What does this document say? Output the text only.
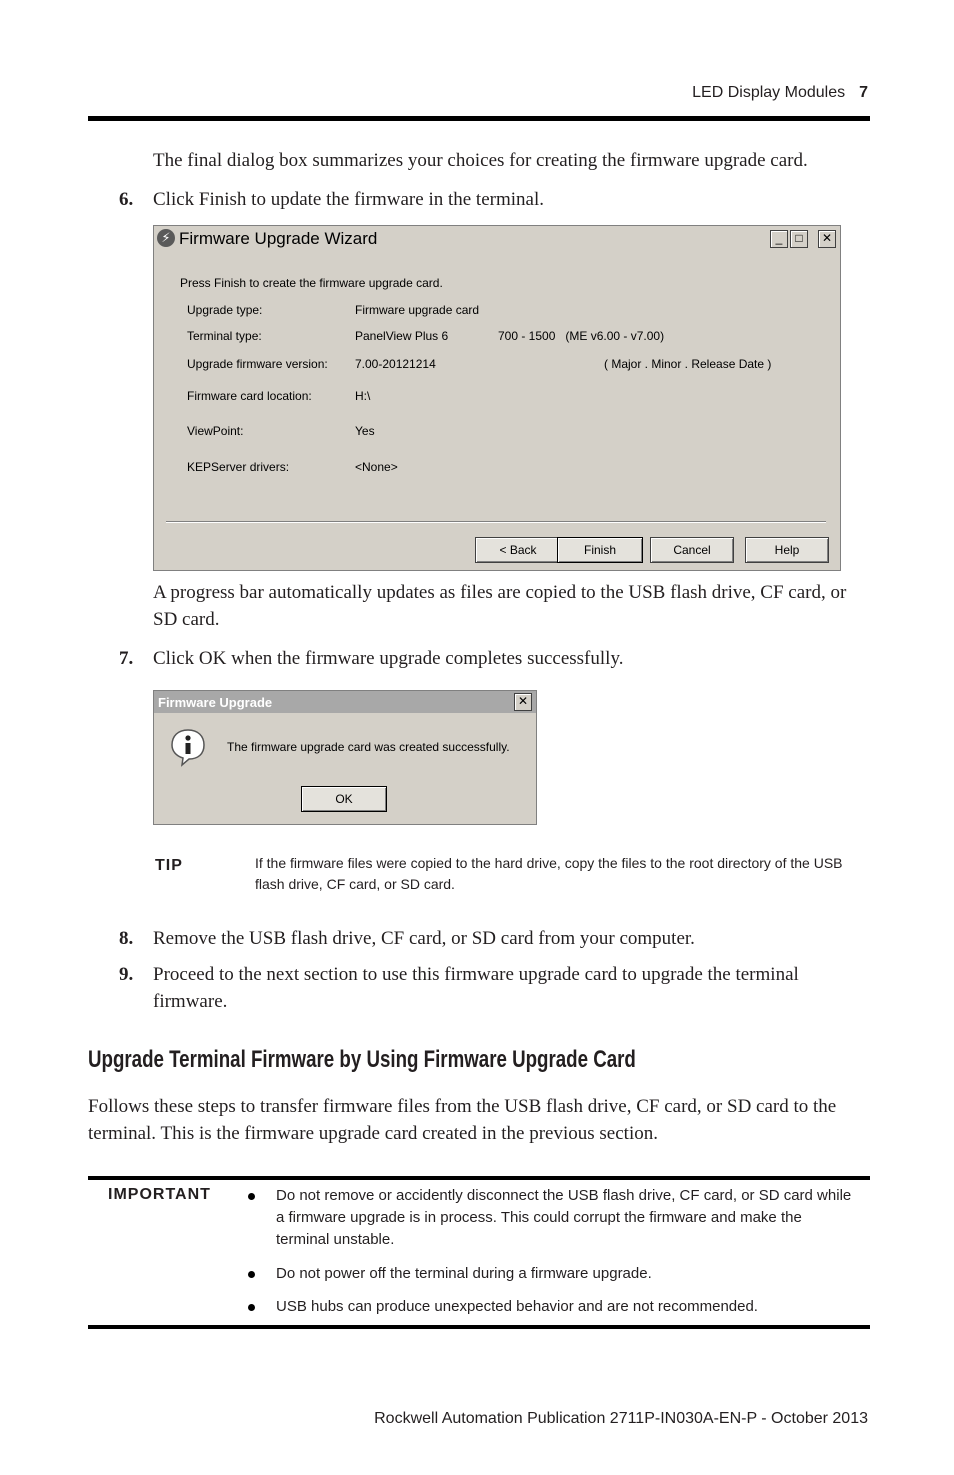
LED Display Modules 7
The final dialog box summarizes your choices for creating the firmware upgrade card.
6. Click Finish to update the firmware in the terminal.
⚡ Firmware Upgrade Wizard	_	□	✕
Press Finish to create the firmware upgrade card.
Upgrade type:	Firmware upgrade card
Terminal type:	PanelView Plus 6	700 - 1500   (ME v6.00 - v7.00)
Upgrade firmware version: 7.00-20121214	( Major . Minor . Release Date )
Firmware card location:	H:\
ViewPoint:	Yes
KEPServer drivers:	<None>
< Back	Finish	Cancel	Help
A progress bar automatically updates as files are copied to the USB flash drive, CF card, or SD card.
7. Click OK when the firmware upgrade completes successfully.
Firmware Upgrade	✕
The firmware upgrade card was created successfully.
OK
TIP	If the firmware files were copied to the hard drive, copy the files to the root directory of the USB flash drive, CF card, or SD card.
8. Remove the USB flash drive, CF card, or SD card from your computer.
9. Proceed to the next section to use this firmware upgrade card to upgrade the terminal firmware.
Upgrade Terminal Firmware by Using Firmware Upgrade Card
Follows these steps to transfer firmware files from the USB flash drive, CF card, or SD card to the terminal. This is the firmware upgrade card created in the previous section.
IMPORTANT	Do not remove or accidently disconnect the USB flash drive, CF card, or SD card while a firmware upgrade is in process. This could corrupt the firmware and make the terminal unstable.
Do not power off the terminal during a firmware upgrade.
USB hubs can produce unexpected behavior and are not recommended.
Rockwell Automation Publication 2711P-IN030A-EN-P - October 2013
